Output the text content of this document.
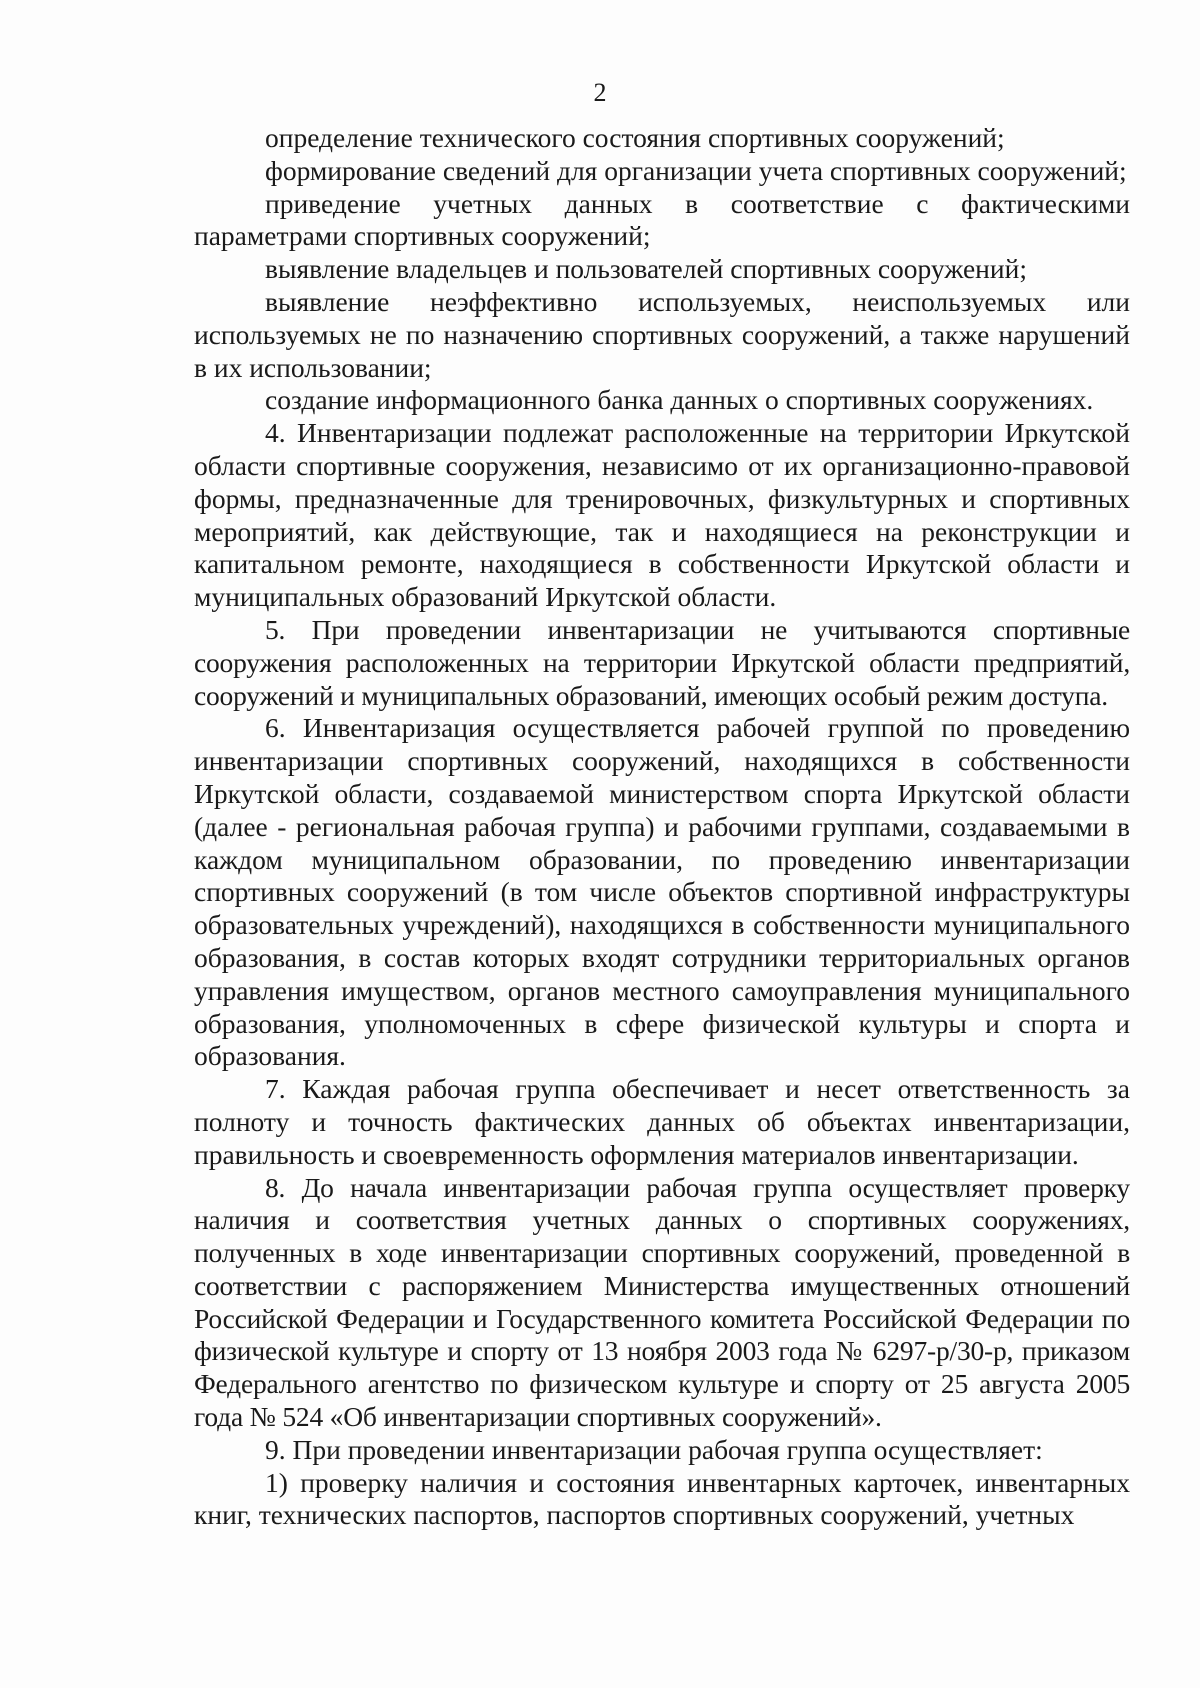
2

определение технического состояния спортивных сооружений;

формирование сведений для организации учета спортивных сооружений;

приведение учетных данных в соответствие с фактическими параметрами спортивных сооружений;

выявление владельцев и пользователей спортивных сооружений;

выявление неэффективно используемых, неиспользуемых или используемых не по назначению спортивных сооружений, а также нарушений в их использовании;

создание информационного банка данных о спортивных сооружениях.

4. Инвентаризации подлежат расположенные на территории Иркутской области спортивные сооружения, независимо от их организационно-правовой формы, предназначенные для тренировочных, физкультурных и спортивных мероприятий, как действующие, так и находящиеся на реконструкции и капитальном ремонте, находящиеся в собственности Иркутской области и муниципальных образований Иркутской области.

5. При проведении инвентаризации не учитываются спортивные сооружения расположенных на территории Иркутской области предприятий, сооружений и муниципальных образований, имеющих особый режим доступа.

6. Инвентаризация осуществляется рабочей группой по проведению инвентаризации спортивных сооружений, находящихся в собственности Иркутской области, создаваемой министерством спорта Иркутской области (далее - региональная рабочая группа) и рабочими группами, создаваемыми в каждом муниципальном образовании, по проведению инвентаризации спортивных сооружений (в том числе объектов спортивной инфраструктуры образовательных учреждений), находящихся в собственности муниципального образования, в состав которых входят сотрудники территориальных органов управления имуществом, органов местного самоуправления муниципального образования, уполномоченных в сфере физической культуры и спорта и образования.

7. Каждая рабочая группа обеспечивает и несет ответственность за полноту и точность фактических данных об объектах инвентаризации, правильность и своевременность оформления материалов инвентаризации.

8. До начала инвентаризации рабочая группа осуществляет проверку наличия и соответствия учетных данных о спортивных сооружениях, полученных в ходе инвентаризации спортивных сооружений, проведенной в соответствии с распоряжением Министерства имущественных отношений Российской Федерации и Государственного комитета Российской Федерации по физической культуре и спорту от 13 ноября 2003 года № 6297-р/30-р, приказом Федерального агентство по физическом культуре и спорту от 25 августа 2005 года № 524 «Об инвентаризации спортивных сооружений».

9. При проведении инвентаризации рабочая группа осуществляет:

1) проверку наличия и состояния инвентарных карточек, инвентарных книг, технических паспортов, паспортов спортивных сооружений, учетных
